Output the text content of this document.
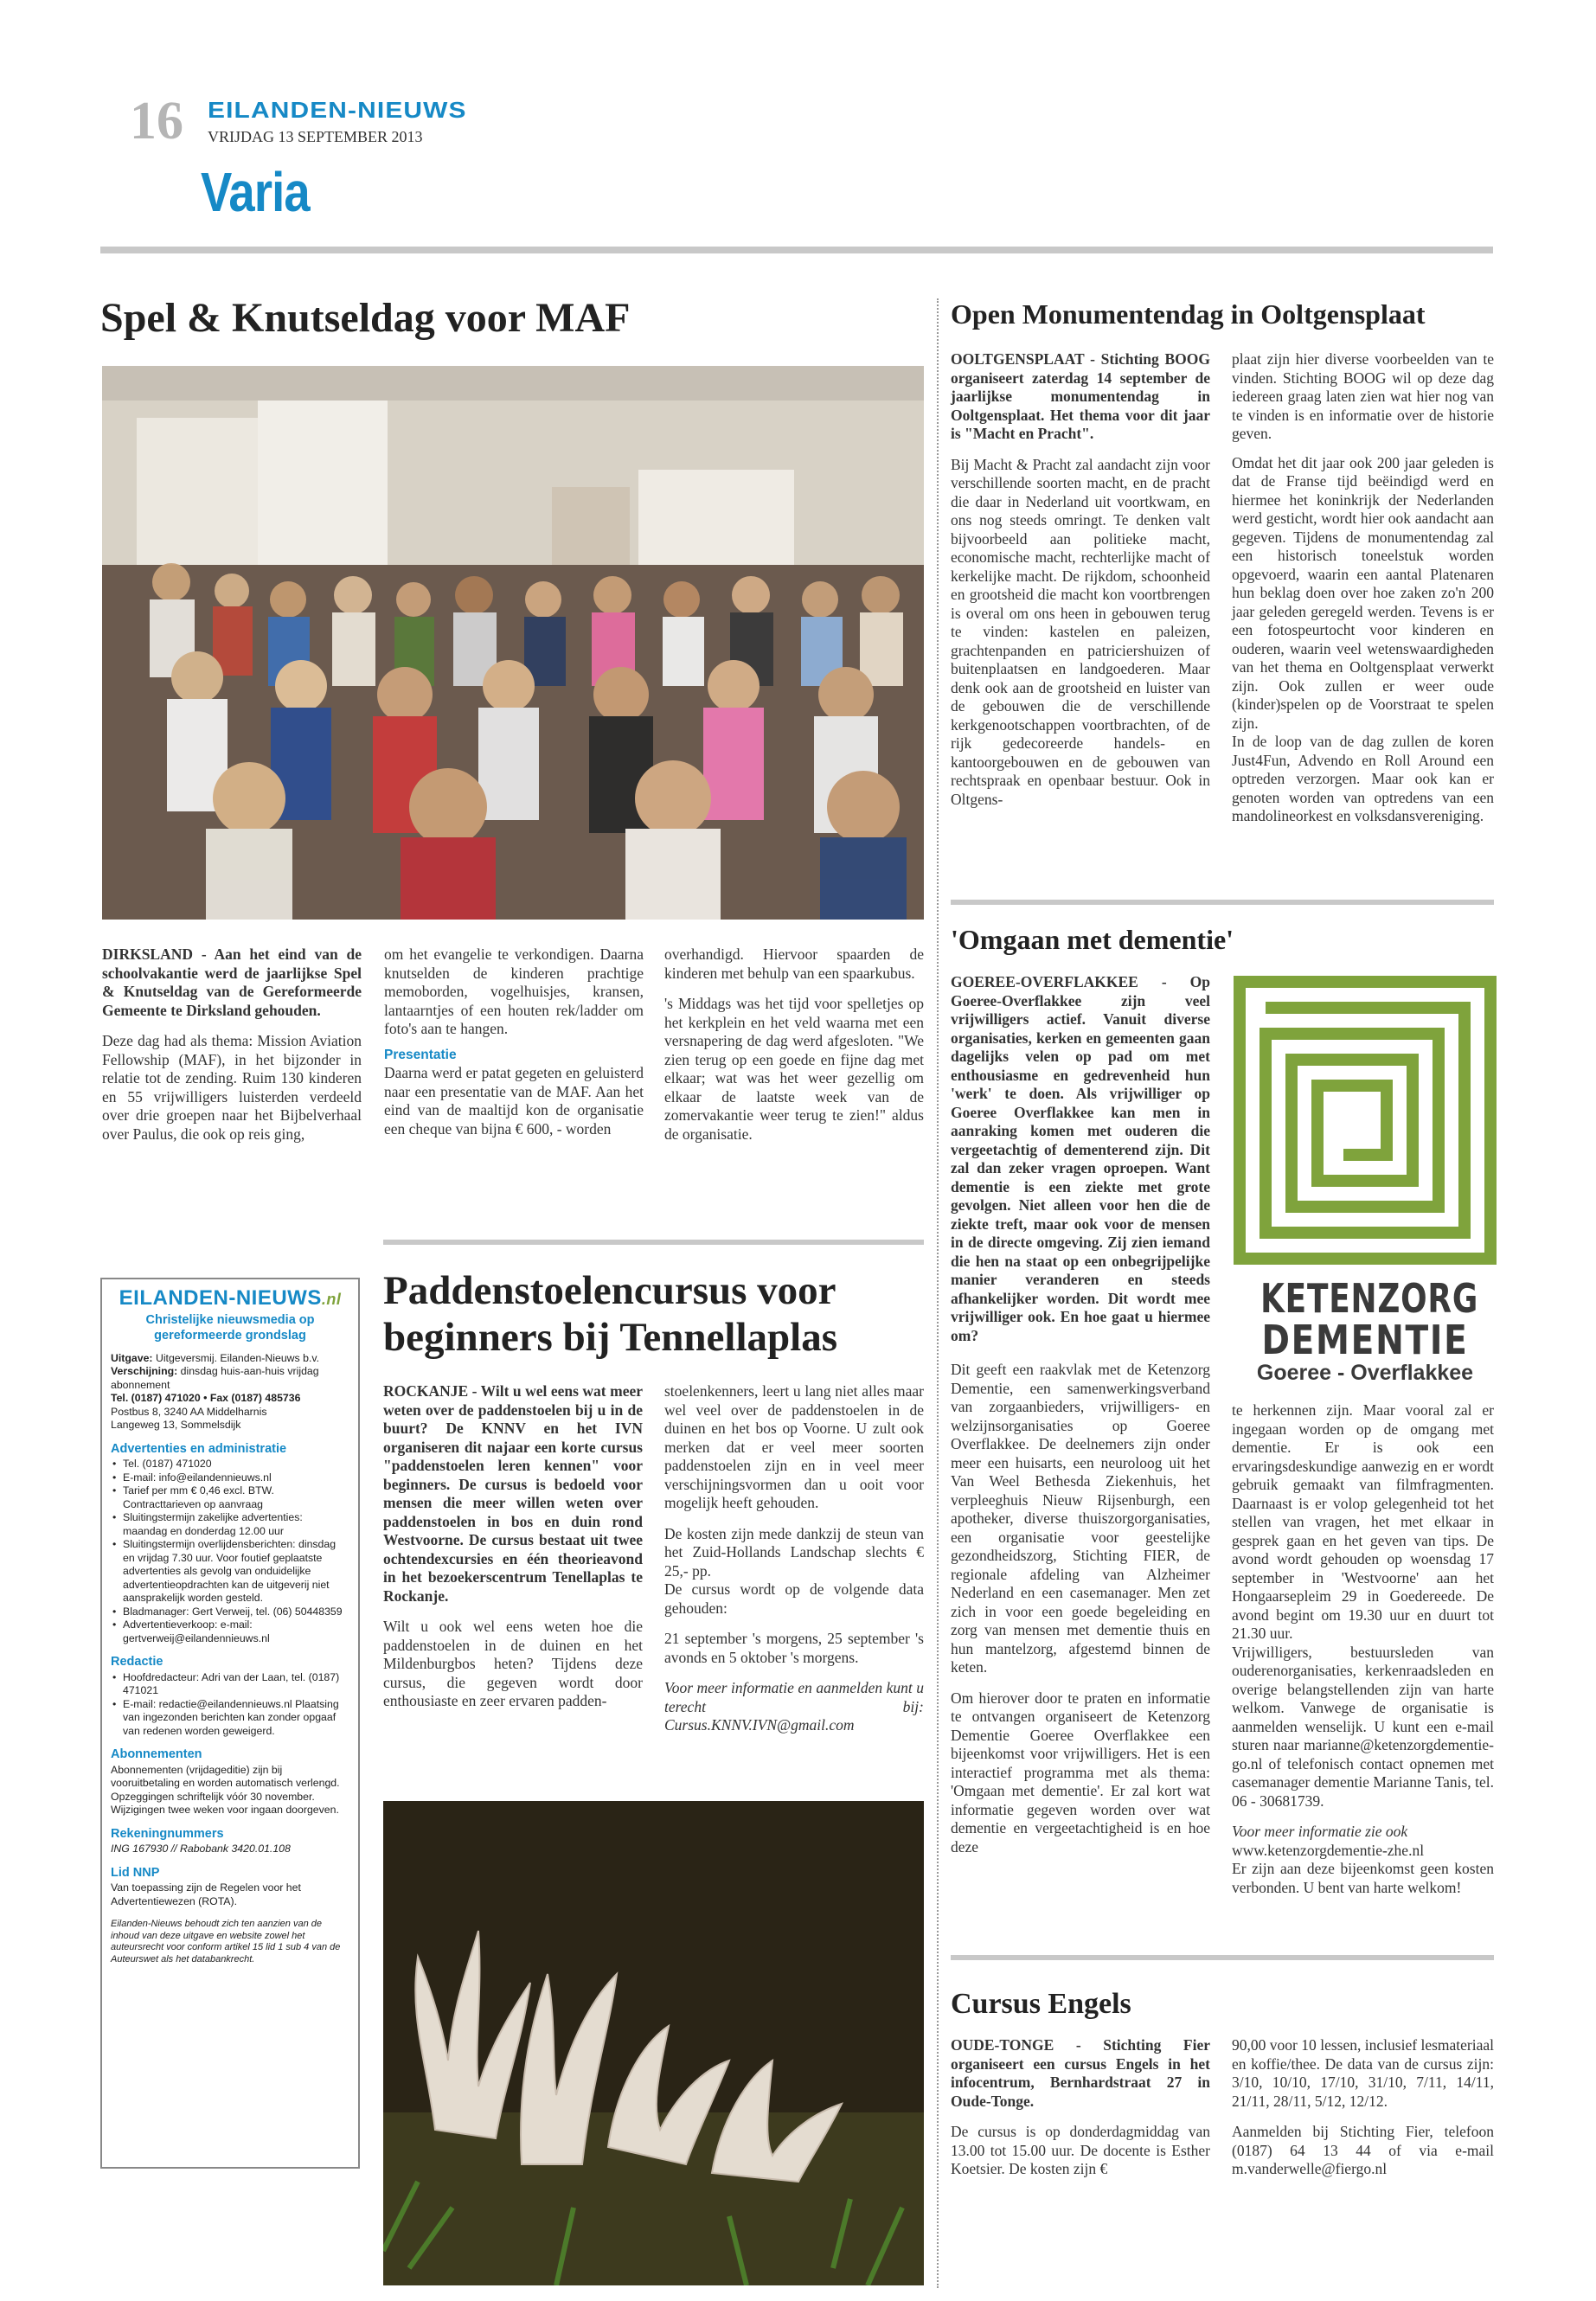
16 EILANDEN-NIEUWS
VRIJDAG 13 SEPTEMBER 2013
Varia
Spel & Knutseldag voor MAF

DIRKSLAND - Aan het eind van de schoolvakantie werd de jaarlijkse Spel & Knutseldag van de Gereformeerde Gemeente te Dirksland gehouden.

Deze dag had als thema: Mission Aviation Fellowship (MAF), in het bijzonder in relatie tot de zending. Ruim 130 kinderen en 55 vrijwilligers luisterden verdeeld over drie groepen naar het Bijbelverhaal over Paulus, die ook op reis ging,

om het evangelie te verkondigen. Daarna knutselden de kinderen prachtige memoborden, vogelhuisjes, kransen, lantaarntjes of een houten rek/ladder om foto's aan te hangen.

Presentatie

Daarna werd er patat gegeten en geluisterd naar een presentatie van de MAF. Aan het eind van de maaltijd kon de organisatie een cheque van bijna € 600, - worden

overhandigd. Hiervoor spaarden de kinderen met behulp van een spaarkubus.

's Middags was het tijd voor spelletjes op het kerkplein en het veld waarna met een versnapering de dag werd afgesloten. "We zien terug op een goede en fijne dag met elkaar; wat was het weer gezellig om elkaar de laatste week van de zomervakantie weer terug te zien!" aldus de organisatie.

Open Monumentendag in Ooltgensplaat

OOLTGENSPLAAT - Stichting BOOG organiseert zaterdag 14 september de jaarlijkse monumentendag in Ooltgensplaat. Het thema voor dit jaar is "Macht en Pracht".

Bij Macht & Pracht zal aandacht zijn voor verschillende soorten macht, en de pracht die daar in Nederland uit voortkwam, en ons nog steeds omringt. Te denken valt bijvoorbeeld aan politieke macht, economische macht, rechterlijke macht of kerkelijke macht. De rijkdom, schoonheid en grootsheid die macht kon voortbrengen is overal om ons heen in gebouwen terug te vinden: kastelen en paleizen, grachtenpanden en patriciershuizen of buitenplaatsen en landgoederen. Maar denk ook aan de grootsheid en luister van de gebouwen die de verschillende kerkgenootschappen voortbrachten, of de rijk gedecoreerde handels- en kantoorgebouwen en de gebouwen van rechtspraak en openbaar bestuur. Ook in Oltgens-

plaat zijn hier diverse voorbeelden van te vinden. Stichting BOOG wil op deze dag iedereen graag laten zien wat hier nog van te vinden is en informatie over de historie geven.

Omdat het dit jaar ook 200 jaar geleden is dat de Franse tijd beëindigd werd en hiermee het koninkrijk der Nederlanden werd gesticht, wordt hier ook aandacht aan gegeven. Tijdens de monumentendag zal een historisch toneelstuk worden opgevoerd, waarin een aantal Platenaren hun beklag doen over hoe zaken zo'n 200 jaar geleden geregeld werden. Tevens is er een fotospeurtocht voor kinderen en ouderen, waarin veel wetenswaardigheden van het thema en Ooltgensplaat verwerkt zijn. Ook zullen er weer oude (kinder)spelen op de Voorstraat te spelen zijn.

In de loop van de dag zullen de koren Just4Fun, Advendo en Roll Around een optreden verzorgen. Maar ook kan er genoten worden van optredens van een mandolineorkest en volksdansvereniging.

'Omgaan met dementie'

GOEREE-OVERFLAKKEE - Op Goeree-Overflakkee zijn veel vrijwilligers actief. Vanuit diverse organisaties, kerken en gemeenten gaan dagelijks velen op pad om met enthousiasme en gedrevenheid hun 'werk' te doen. Als vrijwilliger op Goeree Overflakkee kan men in aanraking komen met ouderen die vergeetachtig of dementerend zijn. Dit zal dan zeker vragen oproepen. Want dementie is een ziekte met grote gevolgen. Niet alleen voor hen die de ziekte treft, maar ook voor de mensen in de directe omgeving. Zij zien iemand die hen na staat op een onbegrijpelijke manier veranderen en steeds afhankelijker worden. Dit wordt mee vrijwilliger ook. En hoe gaat u hiermee om?

Dit geeft een raakvlak met de Ketenzorg Dementie, een samenwerkingsverband van zorgaanbieders, vrijwilligers- en welzijnsorganisaties op Goeree Overflakkee. De deelnemers zijn onder meer een huisarts, een neuroloog uit het Van Weel Bethesda Ziekenhuis, het verpleeghuis Nieuw Rijsenburgh, een apotheker, diverse thuiszorgorganisaties, een organisatie voor geestelijke gezondheidszorg, Stichting FIER, de regionale afdeling van Alzheimer Nederland en een casemanager. Men zet zich in voor een goede begeleiding en zorg van mensen met dementie thuis en hun mantelzorg, afgestemd binnen de keten.

Om hierover door te praten en informatie te ontvangen organiseert de Ketenzorg Dementie Goeree Overflakkee een bijeenkomst voor vrijwilligers. Het is een interactief programma met als thema: 'Omgaan met dementie'. Er zal kort wat informatie gegeven worden over wat dementie en vergeetachtigheid is en hoe deze

KETENZORG
DEMENTIE
Goeree - Overflakkee

te herkennen zijn. Maar vooral zal er ingegaan worden op de omgang met dementie. Er is ook een ervaringsdeskundige aanwezig en er wordt gebruik gemaakt van filmfragmenten. Daarnaast is er volop gelegenheid tot het stellen van vragen, het met elkaar in gesprek gaan en het geven van tips. De avond wordt gehouden op woensdag 17 september in 'Westvoorne' aan het Hongaarsepleim 29 in Goedereede. De avond begint om 19.30 uur en duurt tot 21.30 uur.

Vrijwilligers, bestuursleden van ouderenorganisaties, kerkenraadsleden en overige belangstellenden zijn van harte welkom. Vanwege de organisatie is aanmelden wenselijk. U kunt een e-mail sturen naar marianne@ketenzorgdementie-go.nl of telefonisch contact opnemen met casemanager dementie Marianne Tanis, tel. 06 - 30681739.

Voor meer informatie zie ook

www.ketenzorgdementie-zhe.nl

Er zijn aan deze bijeenkomst geen kosten verbonden. U bent van harte welkom!

Cursus Engels

OUDE-TONGE - Stichting Fier organiseert een cursus Engels in het infocentrum, Bernhardstraat 27 in Oude-Tonge.

De cursus is op donderdagmiddag van 13.00 tot 15.00 uur. De docente is Esther Koetsier. De kosten zijn €

90,00 voor 10 lessen, inclusief lesmateriaal en koffie/thee. De data van de cursus zijn: 3/10, 10/10, 17/10, 31/10, 7/11, 14/11, 21/11, 28/11, 5/12, 12/12.

Aanmelden bij Stichting Fier, telefoon (0187) 64 13 44 of via e-mail m.vanderwelle@fiergo.nl

Paddenstoelencursus voor beginners bij Tennellaplas

ROCKANJE - Wilt u wel eens wat meer weten over de paddenstoelen bij u in de buurt? De KNNV en het IVN organiseren dit najaar een korte cursus "paddenstoelen leren kennen" voor beginners. De cursus is bedoeld voor mensen die meer willen weten over paddenstoelen in bos en duin rond Westvoorne. De cursus bestaat uit twee ochtendexcursies en één theorieavond in het bezoekerscentrum Tenellaplas te Rockanje.

Wilt u ook wel eens weten hoe die paddenstoelen in de duinen en het Mildenburgbos heten? Tijdens deze cursus, die gegeven wordt door enthousiaste en zeer ervaren padden-

stoelenkenners, leert u lang niet alles maar wel veel over de paddenstoelen in de duinen en het bos op Voorne. U zult ook merken dat er veel meer soorten paddenstoelen zijn en in veel meer verschijningsvormen dan u ooit voor mogelijk heeft gehouden.

De kosten zijn mede dankzij de steun van het Zuid-Hollands Landschap slechts € 25,- pp.

De cursus wordt op de volgende data gehouden:

21 september 's morgens, 25 september 's avonds en 5 oktober 's morgens.

Voor meer informatie en aanmelden kunt u terecht bij: Cursus.KNNV.IVN@gmail.com

EILANDEN-NIEUWS.nl
Christelijke nieuwsmedia op gereformeerde grondslag
Uitgave: Uitgeversmij. Eilanden-Nieuws b.v.
Verschijning: dinsdag huis-aan-huis vrijdag abonnement
Tel. (0187) 471020 • Fax (0187) 485736
Postbus 8, 3240 AA Middelharnis
Langeweg 13, Sommelsdijk
Advertenties en administratie
• Tel. (0187) 471020
• E-mail: info@eilandennieuws.nl
• Tarief per mm € 0,46 excl. BTW. Contracttarieven op aanvraag
• Sluitingstermijn zakelijke advertenties: maandag en donderdag 12.00 uur
• Sluitingstermijn overlijdensberichten: dinsdag en vrijdag 7.30 uur. Voor foutief geplaatste advertenties als gevolg van onduidelijke advertentieopdrachten kan de uitgeverij niet aansprakelijk worden gesteld.
• Bladmanager: Gert Verweij, tel. (06) 50448359
• Advertentieverkoop: e-mail: gertverweij@eilandennieuws.nl
Redactie
• Hoofdredacteur: Adri van der Laan, tel. (0187) 471021
• E-mail: redactie@eilandennieuws.nl Plaatsing van ingezonden berichten kan zonder opgaaf van redenen worden geweigerd.
Abonnementen
Abonnementen (vrijdageditie) zijn bij vooruitbetaling en worden automatisch verlengd. Opzeggingen schriftelijk vóór 30 november. Wijzigingen twee weken voor ingaan doorgeven.
Rekeningnummers
ING 167930 // Rabobank 3420.01.108
Lid NNP
Van toepassing zijn de Regelen voor het Advertentiewezen (ROTA).
Eilanden-Nieuws behoudt zich ten aanzien van de inhoud van deze uitgave en website zowel het auteursrecht voor conform artikel 15 lid 1 sub 4 van de Auteurswet als het databankrecht.
